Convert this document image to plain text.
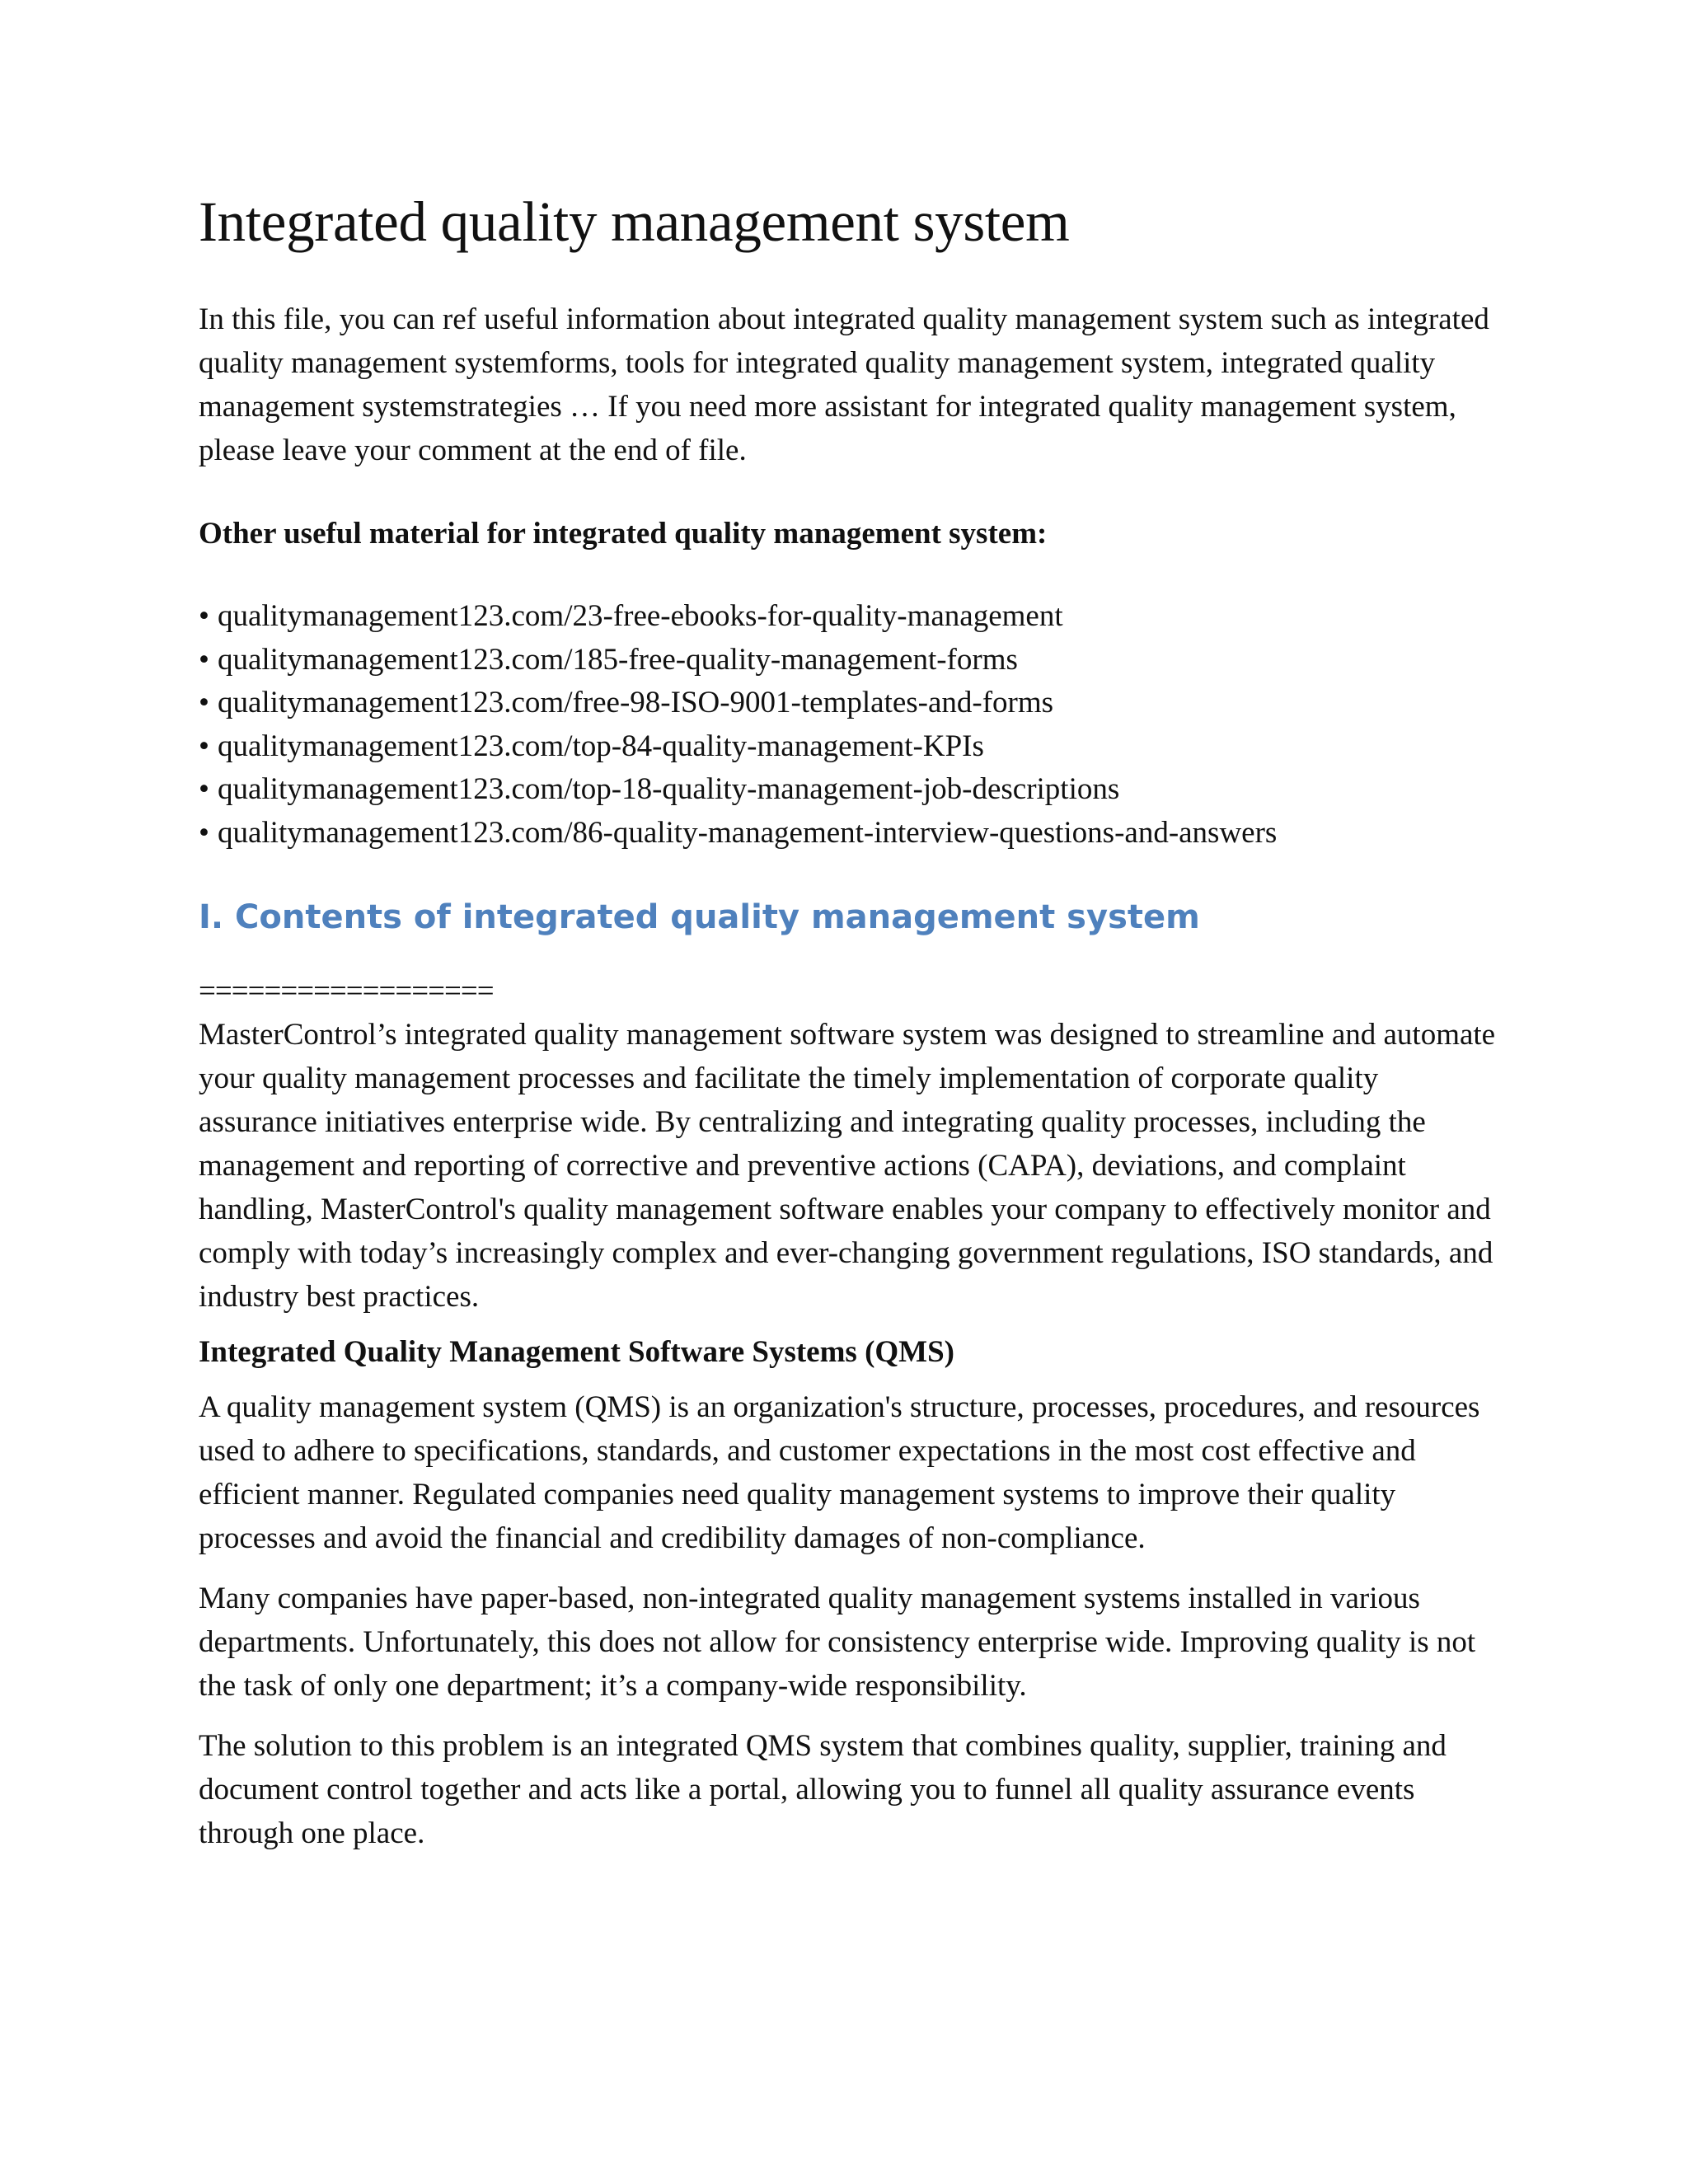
Integrated quality management system

In this file, you can ref useful information about integrated quality management system such as integrated quality management systemforms, tools for integrated quality management system, integrated quality management systemstrategies … If you need more assistant for integrated quality management system, please leave your comment at the end of file.

Other useful material for integrated quality management system:

• qualitymanagement123.com/23-free-ebooks-for-quality-management
• qualitymanagement123.com/185-free-quality-management-forms
• qualitymanagement123.com/free-98-ISO-9001-templates-and-forms
• qualitymanagement123.com/top-84-quality-management-KPIs
• qualitymanagement123.com/top-18-quality-management-job-descriptions
• qualitymanagement123.com/86-quality-management-interview-questions-and-answers
I. Contents of integrated quality management system

==================

MasterControl’s integrated quality management software system was designed to streamline and automate your quality management processes and facilitate the timely implementation of corporate quality assurance initiatives enterprise wide. By centralizing and integrating quality processes, including the management and reporting of corrective and preventive actions (CAPA), deviations, and complaint handling, MasterControl's quality management software enables your company to effectively monitor and comply with today’s increasingly complex and ever-changing government regulations, ISO standards, and industry best practices.

Integrated Quality Management Software Systems (QMS)

A quality management system (QMS) is an organization's structure, processes, procedures, and resources used to adhere to specifications, standards, and customer expectations in the most cost effective and efficient manner. Regulated companies need quality management systems to improve their quality processes and avoid the financial and credibility damages of non-compliance.

Many companies have paper-based, non-integrated quality management systems installed in various departments. Unfortunately, this does not allow for consistency enterprise wide. Improving quality is not the task of only one department; it’s a company-wide responsibility.

The solution to this problem is an integrated QMS system that combines quality, supplier, training and document control together and acts like a portal, allowing you to funnel all quality assurance events through one place.
